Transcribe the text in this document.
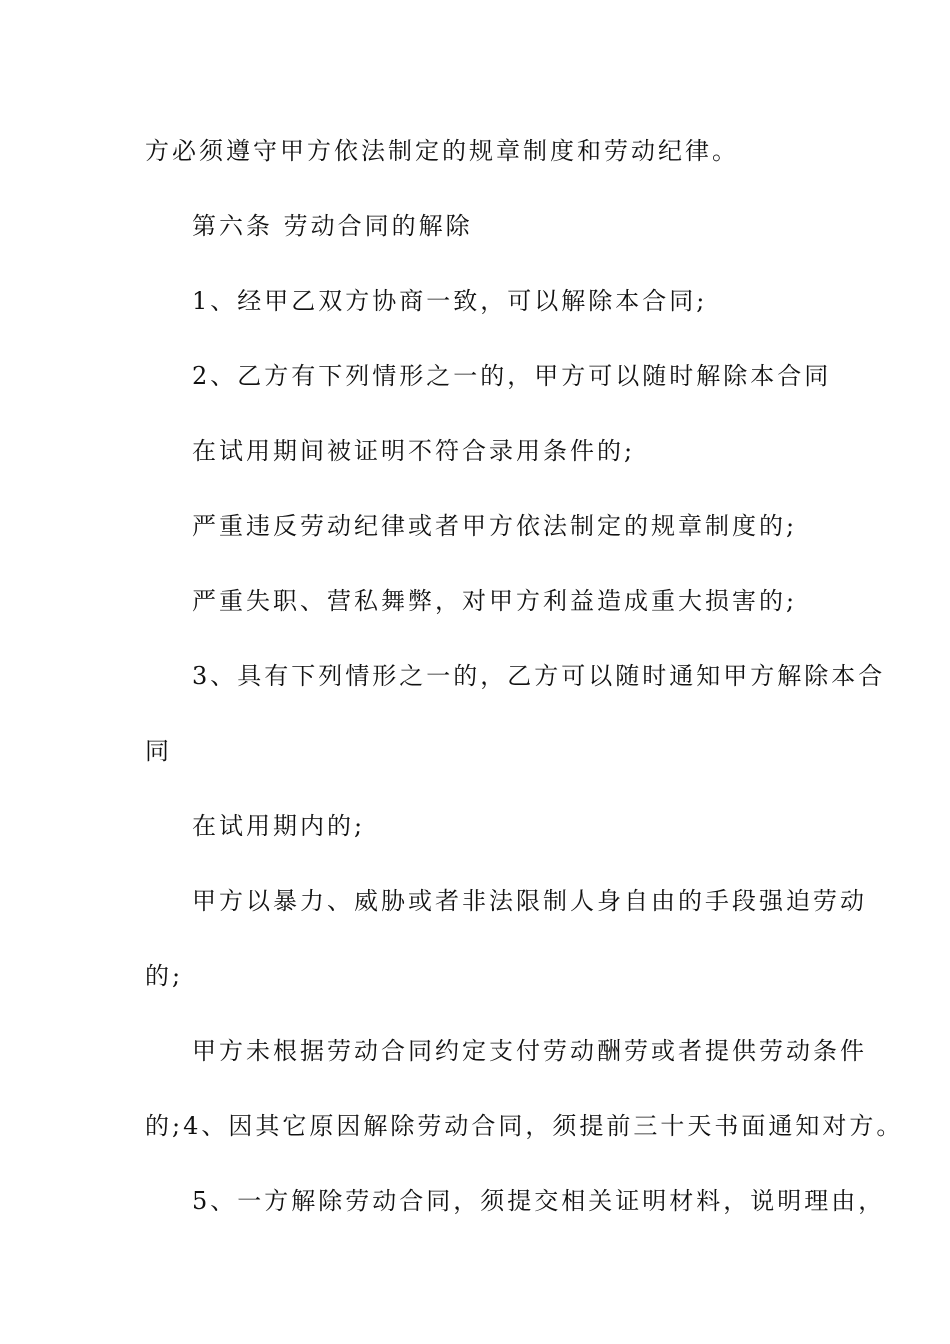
方必须遵守甲方依法制定的规章制度和劳动纪律。

第六条 劳动合同的解除

1、经甲乙双方协商一致，可以解除本合同;

2、乙方有下列情形之一的，甲方可以随时解除本合同

在试用期间被证明不符合录用条件的;

严重违反劳动纪律或者甲方依法制定的规章制度的;

严重失职、营私舞弊，对甲方利益造成重大损害的;

3、具有下列情形之一的，乙方可以随时通知甲方解除本合

同

在试用期内的;

甲方以暴力、威胁或者非法限制人身自由的手段强迫劳动

的;

甲方未根据劳动合同约定支付劳动酬劳或者提供劳动条件

的;4、因其它原因解除劳动合同，须提前三十天书面通知对方。

5、一方解除劳动合同，须提交相关证明材料，说明理由，
